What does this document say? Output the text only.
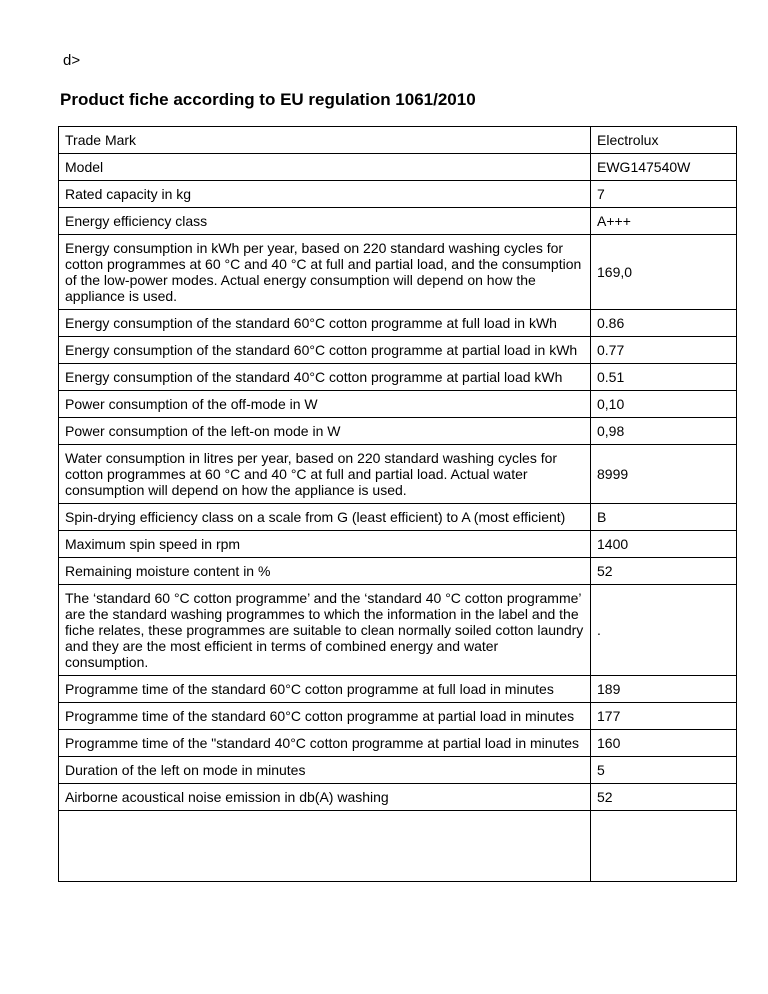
d>
Product fiche according to EU regulation 1061/2010
Trade Mark	Electrolux
Model	EWG147540W
Rated capacity in kg	7
Energy efficiency class	A+++
Energy consumption in kWh per year, based on 220 standard washing cycles for cotton programmes at 60 °C and 40 °C at full and partial load, and the consumption of the low-power modes. Actual energy consumption will depend on how the appliance is used.	169,0
Energy consumption of the standard 60°C cotton programme at full load in kWh	0.86
Energy consumption of the standard 60°C cotton programme at partial load in kWh	0.77
Energy consumption of the standard 40°C cotton programme at partial load kWh	0.51
Power consumption of the off-mode in W	0,10
Power consumption of the left-on mode in W	0,98
Water consumption in litres per year, based on 220 standard washing cycles for cotton programmes at 60 °C and 40 °C at full and partial load. Actual water consumption will depend on how the appliance is used.	8999
Spin-drying efficiency class on a scale from G (least efficient) to A (most efficient)	B
Maximum spin speed in rpm	1400
Remaining moisture content in %	52
The ‘standard 60 °C cotton programme’ and the ‘standard 40 °C cotton programme’ are the standard washing programmes to which the information in the label and the fiche relates, these programmes are suitable to clean normally soiled cotton laundry and they are the most efficient in terms of combined energy and water consumption.	.
Programme time of the standard 60°C cotton programme at full load in minutes	189
Programme time of the standard 60°C cotton programme at partial load in minutes	177
Programme time of the "standard 40°C cotton programme at partial load in minutes	160
Duration of the left on mode in minutes	5
Airborne acoustical noise emission in db(A) washing	52
